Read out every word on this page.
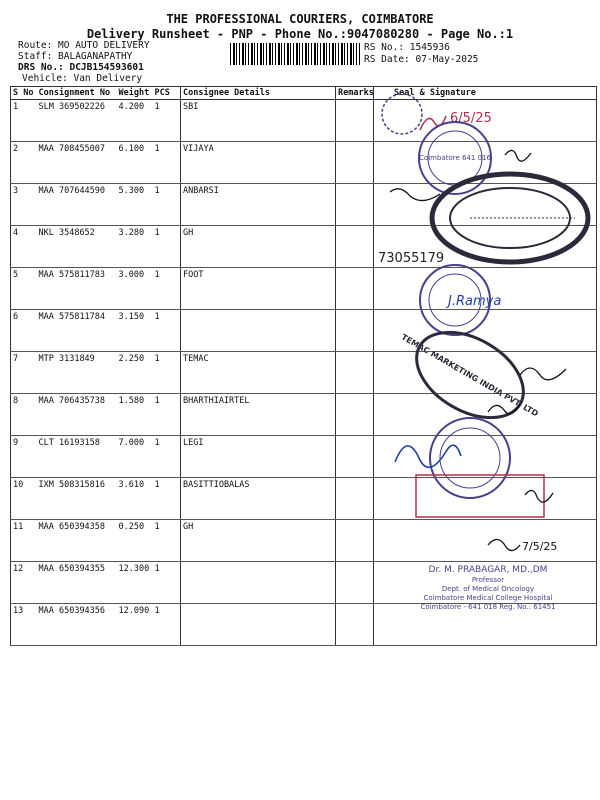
THE PROFESSIONAL COURIERS, COIMBATORE
Delivery Runsheet - PNP - Phone No.:9047080280 - Page No.:1
Route: MO AUTO DELIVERY
Staff: BALAGANAPATHY
DRS No.: DCJB154593601
Vehicle: Van Delivery
RS No.: 1545936
RS Date: 07-May-2025
S No	Consignment No	Weight	PCS	Consignee Details	Remarks	Seal & Signature
1	SLM 369502226	4.200	1	SBI		
2	MAA 708455007	6.100	1	VIJAYA		
3	MAA 707644590	5.300	1	ANBARSI		
4	NKL 3548652	3.280	1	GH		
5	MAA 575811783	3.000	1	FOOT		
6	MAA 575811784	3.150	1			
7	MTP 3131849	2.250	1	TEMAC		
8	MAA 706435738	1.580	1	BHARTHIAIRTEL		
9	CLT 16193158	7.000	1	LEGI		
10	IXM 508315816	3.610	1	BASITTIOBALAS		
11	MAA 650394358	0.250	1	GH		
12	MAA 650394355	12.300	1			
13	MAA 650394356	12.090	1			
6/5/25
Coimbatore 641 016
73055179
J.Ramya
TEMAC MARKETING INDIA PVT. LTD
7/5/25
Dr. M. PRABAGAR, MD.,DM
Professor
Dept. of Medical Oncology
Coimbatore Medical College Hospital
Coimbatore - 641 018 Reg. No.: 61451
